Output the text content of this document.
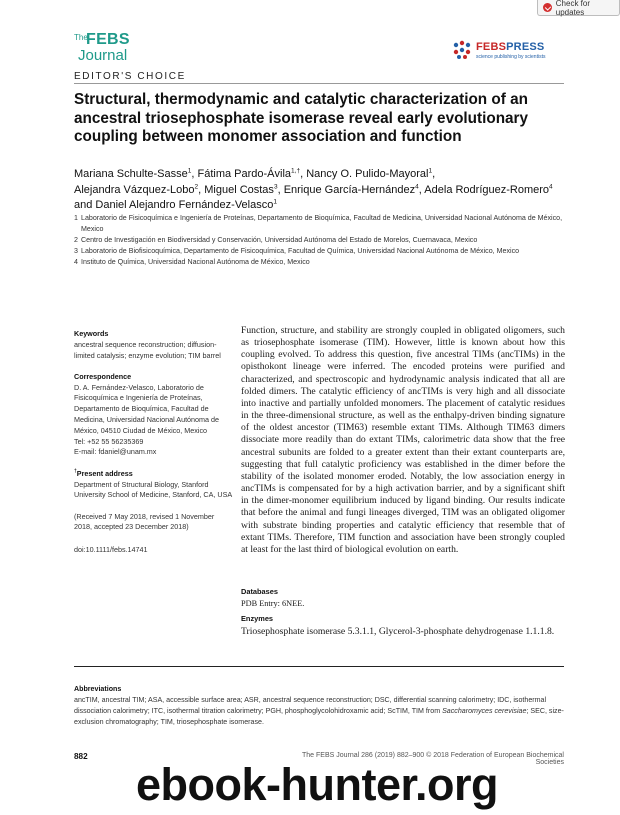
Check for updates
The
FEBS
Journal
EDITOR'S CHOICE
FEBSPRESS
science publishing by scientists
Structural, thermodynamic and catalytic characterization of an ancestral triosephosphate isomerase reveal early evolutionary coupling between monomer association and function
Mariana Schulte-Sasse$^1$, Fátima Pardo-Ávila$^{1,\dagger}$, Nancy O. Pulido-Mayoral$^1$,
Alejandra Vázquez-Lobo$^2$, Miguel Costas$^3$, Enrique García-Hernández$^4$, Adela Rodríguez-Romero$^4$
and Daniel Alejandro Fernández-Velasco$^1$
1 Laboratorio de Fisicoquímica e Ingeniería de Proteínas, Departamento de Bioquímica, Facultad de Medicina, Universidad Nacional Autónoma de México, Mexico
2 Centro de Investigación en Biodiversidad y Conservación, Universidad Autónoma del Estado de Morelos, Cuernavaca, Mexico
3 Laboratorio de Biofisicoquímica, Departamento de Fisicoquímica, Facultad de Química, Universidad Nacional Autónoma de México, Mexico
4 Instituto de Química, Universidad Nacional Autónoma de México, Mexico
Keywords
ancestral sequence reconstruction; diffusion-limited catalysis; enzyme evolution; TIM barrel
Correspondence
D. A. Fernández-Velasco, Laboratorio de Fisicoquímica e Ingeniería de Proteínas, Departamento de Bioquímica, Facultad de Medicina, Universidad Nacional Autónoma de México, 04510 Ciudad de México, Mexico
Tel: +52 55 56235369
E-mail: fdaniel@unam.mx
†Present address
Department of Structural Biology, Stanford University School of Medicine, Stanford, CA, USA
(Received 7 May 2018, revised 1 November 2018, accepted 23 December 2018)
doi:10.1111/febs.14741
Function, structure, and stability are strongly coupled in obligated oligomers, such as triosephosphate isomerase (TIM). However, little is known about how this coupling evolved. To address this question, five ancestral TIMs (ancTIMs) in the opisthokont lineage were inferred. The encoded proteins were purified and characterized, and spectroscopic and hydrodynamic analysis indicated that all are folded dimers. The catalytic efficiency of ancTIMs is very high and all dissociate into inactive and partially unfolded monomers. The placement of catalytic residues in the three-dimensional structure, as well as the enthalpy-driven binding signature of the oldest ancestor (TIM63) resemble extant TIMs. Although TIM63 dimers dissociate more readily than do extant TIMs, calorimetric data show that the free ancestral subunits are folded to a greater extent than their extant counterparts are, suggesting that full catalytic proficiency was established in the dimer before the stability of the isolated monomer eroded. Notably, the low association energy in ancTIMs is compensated for by a high activation barrier, and by a significant shift in the dimer-monomer equilibrium induced by ligand binding. Our results indicate that before the animal and fungi lineages diverged, TIM was an obligated oligomer with substrate binding properties and catalytic efficiency that resemble that of extant TIMs. Therefore, TIM function and association have been strongly coupled at least for the last third of biological evolution on earth.
Databases
PDB Entry: 6NEE.
Enzymes
Triosephosphate isomerase 5.3.1.1, Glycerol-3-phosphate dehydrogenase 1.1.1.8.
Abbreviations
ancTIM, ancestral TIM; ASA, accessible surface area; ASR, ancestral sequence reconstruction; DSC, differential scanning calorimetry; IDC, isothermal dissociation calorimetry; ITC, isothermal titration calorimetry; PGH, phosphoglycolohidroxamic acid; ScTIM, TIM from Saccharomyces cerevisiae; SEC, size-exclusion chromatography; TIM, triosephosphate isomerase.
882	The FEBS Journal 286 (2019) 882–900 © 2018 Federation of European Biochemical Societies
ebook-hunter.org
